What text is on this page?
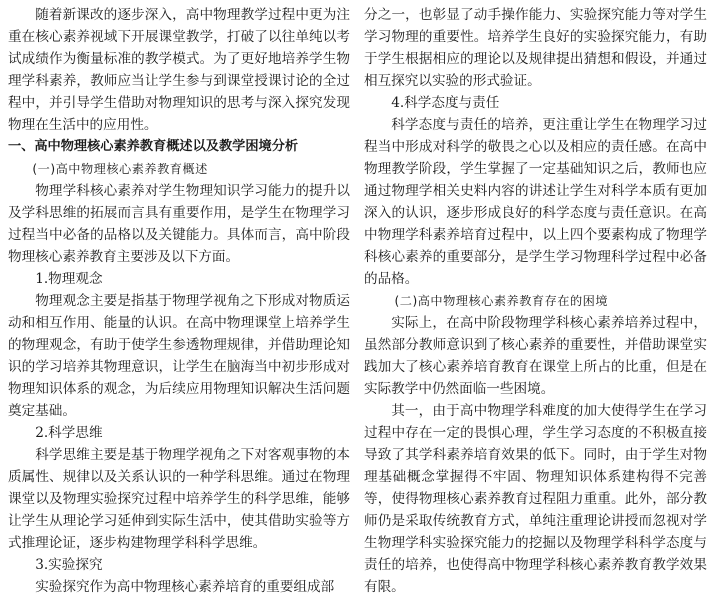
随着新课改的逐步深入，高中物理教学过程中更为注重在核心素养视域下开展课堂教学，打破了以往单纯以考试成绩作为衡量标准的教学模式。为了更好地培养学生物理学科素养，教师应当让学生参与到课堂授课讨论的全过程中，并引导学生借助对物理知识的思考与深入探究发现物理在生活中的应用性。

一、高中物理核心素养教育概述以及教学困境分析
(一)高中物理核心素养教育概述

物理学科核心素养对学生物理知识学习能力的提升以及学科思维的拓展而言具有重要作用，是学生在物理学习过程当中必备的品格以及关键能力。具体而言，高中阶段物理核心素养教育主要涉及以下方面。

1.物理观念

物理观念主要是指基于物理学视角之下形成对物质运动和相互作用、能量的认识。在高中物理课堂上培养学生的物理观念，有助于使学生参透物理规律，并借助理论知识的学习培养其物理意识，让学生在脑海当中初步形成对物理知识体系的观念，为后续应用物理知识解决生活问题奠定基础。

2.科学思维

科学思维主要是基于物理学视角之下对客观事物的本质属性、规律以及关系认识的一种学科思维。通过在物理课堂以及物理实验探究过程中培养学生的科学思维，能够让学生从理论学习延伸到实际生活中，使其借助实验等方式推理论证，逐步构建物理学科科学思维。

3.实验探究

实验探究作为高中物理核心素养培育的重要组成部

分之一，也彰显了动手操作能力、实验探究能力等对学生学习物理的重要性。培养学生良好的实验探究能力，有助于学生根据相应的理论以及规律提出猜想和假设，并通过相互探究以实验的形式验证。

4.科学态度与责任

科学态度与责任的培养，更注重让学生在物理学习过程当中形成对科学的敬畏之心以及相应的责任感。在高中物理教学阶段，学生掌握了一定基础知识之后，教师也应通过物理学相关史料内容的讲述让学生对科学本质有更加深入的认识，逐步形成良好的科学态度与责任意识。在高中物理学科素养培育过程中，以上四个要素构成了物理学科核心素养的重要部分，是学生学习物理科学过程中必备的品格。

(二)高中物理核心素养教育存在的困境

实际上，在高中阶段物理学科核心素养培养过程中，虽然部分教师意识到了核心素养的重要性，并借助课堂实践加大了核心素养培育教育在课堂上所占的比重，但是在实际教学中仍然面临一些困境。

其一，由于高中物理学科难度的加大使得学生在学习过程中存在一定的畏惧心理，学生学习态度的不积极直接导致了其学科素养培育效果的低下。同时，由于学生对物理基础概念掌握得不牢固、物理知识体系建构得不完善等，使得物理核心素养教育过程阻力重重。此外，部分教师仍是采取传统教育方式，单纯注重理论讲授而忽视对学生物理学科实验探究能力的挖掘以及物理学科科学态度与责任的培养，也使得高中物理学科核心素养教育教学效果有限。
